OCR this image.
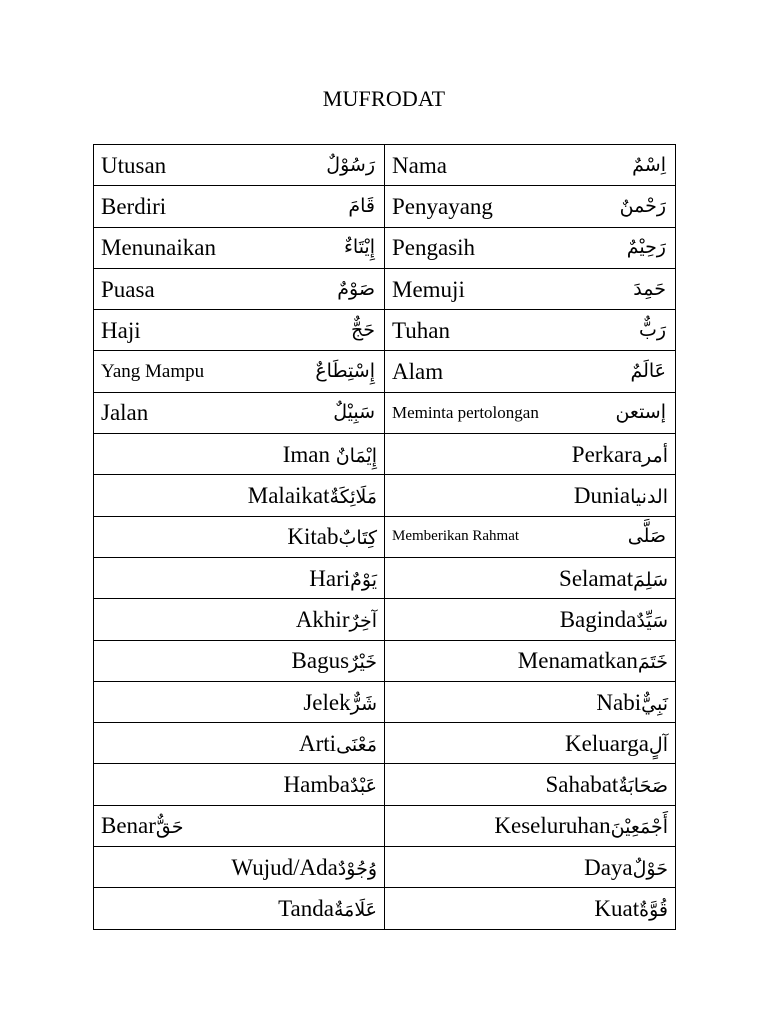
MUFRODAT
Utusan رَسُوْلٌ	Nama اِسْمٌ

Berdiri قَامَ	Penyayang رَحْمنٌ

Menunaikan إِيْتَاءٌ	Pengasih رَحِيْمٌ

Puasa صَوْمٌ	Memuji حَمِدَ

Haji حَجٌّ	Tuhan رَبٌّ

Yang Mampu إِسْتِطَاعٌ	Alam عَالَمٌ

Jalan سَبِيْلٌ	Meminta pertolongan إستعن

Iman إِيْمَانٌ	Perkaraأمر
Malaikatمَلَائِكَةٌ	Duniaالدنيا
Kitabكِتَابٌ	Memberikan Rahmat صَلَّى

Hariيَوْمٌ	Selamatسَلِمَ
Akhirآخِرٌ	Bagindaسَيِّدٌ
Bagusخَيْرٌ	Menamatkanخَتَمَ
Jelekشَرٌّ	Nabiنَبِيٌّ
Artiمَعْنَى	Keluargaآلٍ
Hambaعَبْدٌ	Sahabatصَحَابَةٌ
Benarحَقٌّ	Keseluruhanأَجْمَعِيْنَ
Wujud/Adaوُجُوْدٌ	Dayaحَوْلٌ
Tandaعَلَامَةٌ	Kuatقُوَّةٌ
